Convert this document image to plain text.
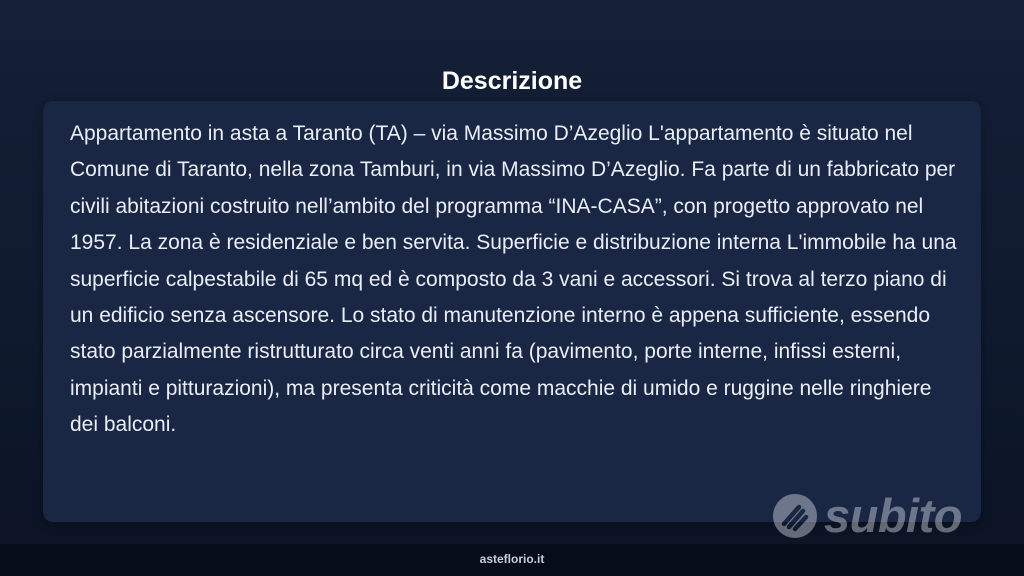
Descrizione

Appartamento in asta a Taranto (TA) – via Massimo D’Azeglio L'appartamento è situato nel Comune di Taranto, nella zona Tamburi, in via Massimo D’Azeglio. Fa parte di un fabbricato per civili abitazioni costruito nell’ambito del programma “INA-CASA”, con progetto approvato nel 1957. La zona è residenziale e ben servita. Superficie e distribuzione interna L'immobile ha una superficie calpestabile di 65 mq ed è composto da 3 vani e accessori. Si trova al terzo piano di un edificio senza ascensore. Lo stato di manutenzione interno è appena sufficiente, essendo stato parzialmente ristrutturato circa venti anni fa (pavimento, porte interne, infissi esterni, impianti e pitturazioni), ma presenta criticità come macchie di umido e ruggine nelle ringhiere dei balconi.

subito
asteflorio.it
